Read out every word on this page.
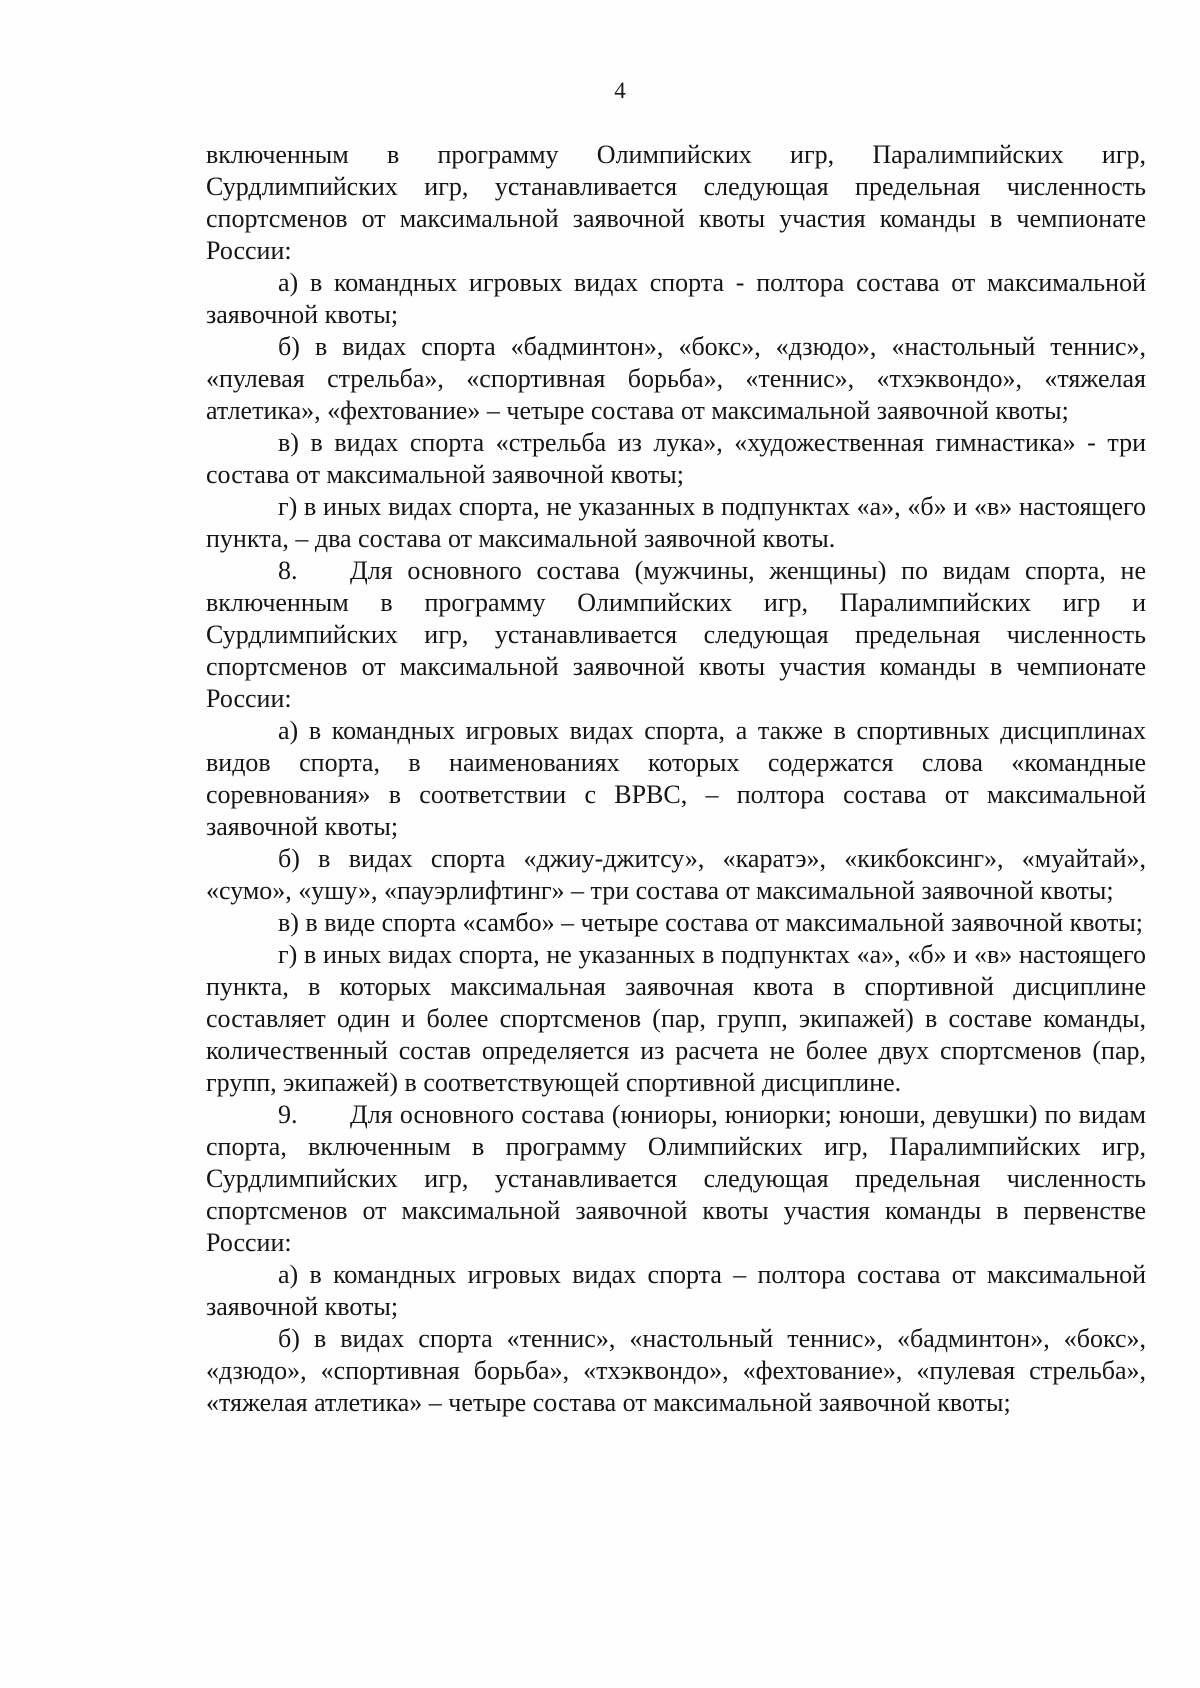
4

включенным в программу Олимпийских игр, Паралимпийских игр, Сурдлимпийских игр, устанавливается следующая предельная численность спортсменов от максимальной заявочной квоты участия команды в чемпионате России:

а) в командных игровых видах спорта - полтора состава от максимальной заявочной квоты;

б) в видах спорта «бадминтон», «бокс», «дзюдо», «настольный теннис», «пулевая стрельба», «спортивная борьба», «теннис», «тхэквондо», «тяжелая атлетика», «фехтование» – четыре состава от максимальной заявочной квоты;

в) в видах спорта «стрельба из лука», «художественная гимнастика» - три состава от максимальной заявочной квоты;

г) в иных видах спорта, не указанных в подпунктах «а», «б» и «в» настоящего пункта, – два состава от максимальной заявочной квоты.

8. Для основного состава (мужчины, женщины) по видам спорта, не включенным в программу Олимпийских игр, Паралимпийских игр и Сурдлимпийских игр, устанавливается следующая предельная численность спортсменов от максимальной заявочной квоты участия команды в чемпионате России:

а) в командных игровых видах спорта, а также в спортивных дисциплинах видов спорта, в наименованиях которых содержатся слова «командные соревнования» в соответствии с ВРВС, – полтора состава от максимальной заявочной квоты;

б) в видах спорта «джиу-джитсу», «каратэ», «кикбоксинг», «муайтай», «сумо», «ушу», «пауэрлифтинг» – три состава от максимальной заявочной квоты;

в) в виде спорта «самбо» – четыре состава от максимальной заявочной квоты;

г) в иных видах спорта, не указанных в подпунктах «а», «б» и «в» настоящего пункта, в которых максимальная заявочная квота в спортивной дисциплине составляет один и более спортсменов (пар, групп, экипажей) в составе команды, количественный состав определяется из расчета не более двух спортсменов (пар, групп, экипажей) в соответствующей спортивной дисциплине.

9. Для основного состава (юниоры, юниорки; юноши, девушки) по видам спорта, включенным в программу Олимпийских игр, Паралимпийских игр, Сурдлимпийских игр, устанавливается следующая предельная численность спортсменов от максимальной заявочной квоты участия команды в первенстве России:

а) в командных игровых видах спорта – полтора состава от максимальной заявочной квоты;

б) в видах спорта «теннис», «настольный теннис», «бадминтон», «бокс», «дзюдо», «спортивная борьба», «тхэквондо», «фехтование», «пулевая стрельба», «тяжелая атлетика» – четыре состава от максимальной заявочной квоты;
